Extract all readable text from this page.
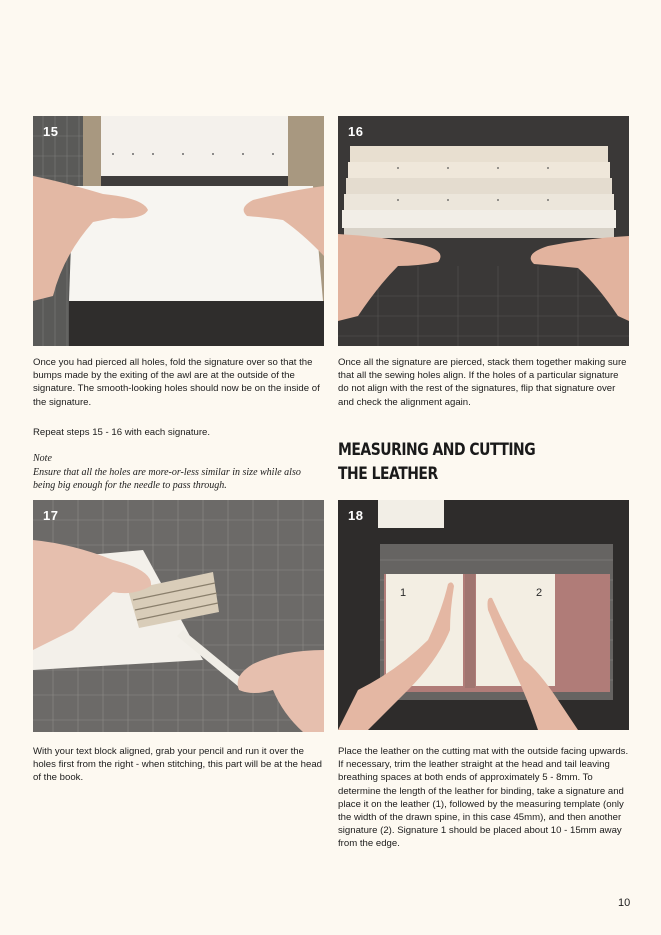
15	16

Once you had pierced all holes, fold the signature over so that the bumps made by the exiting of the awl are at the outside of the signature. The smooth-looking holes should now be on the inside of the signature.

Repeat steps 15 - 16 with each signature.

Note

Ensure that all the holes are more-or-less similar in size while also being big enough for the needle to pass through.

Once all the signature are pierced, stack them together making sure that all the sewing holes align. If the holes of a particular signature do not align with the rest of the signatures, flip that signature over and check the alignment again.

MEASURING AND CUTTING
THE LEATHER
17
1	2
18

With your text block aligned, grab your pencil and run it over the holes first from the right - when stitching, this part will be at the head of the book.

Place the leather on the cutting mat with the outside facing upwards. If necessary, trim the leather straight at the head and tail leaving breathing spaces at both ends of approximately 5 - 8mm. To determine the length of the leather for binding, take a signature and place it on the leather (1), followed by the measuring template (only the width of the drawn spine, in this case 45mm), and then another signature (2). Signature 1 should be placed about 10 - 15mm away from the edge.

10
